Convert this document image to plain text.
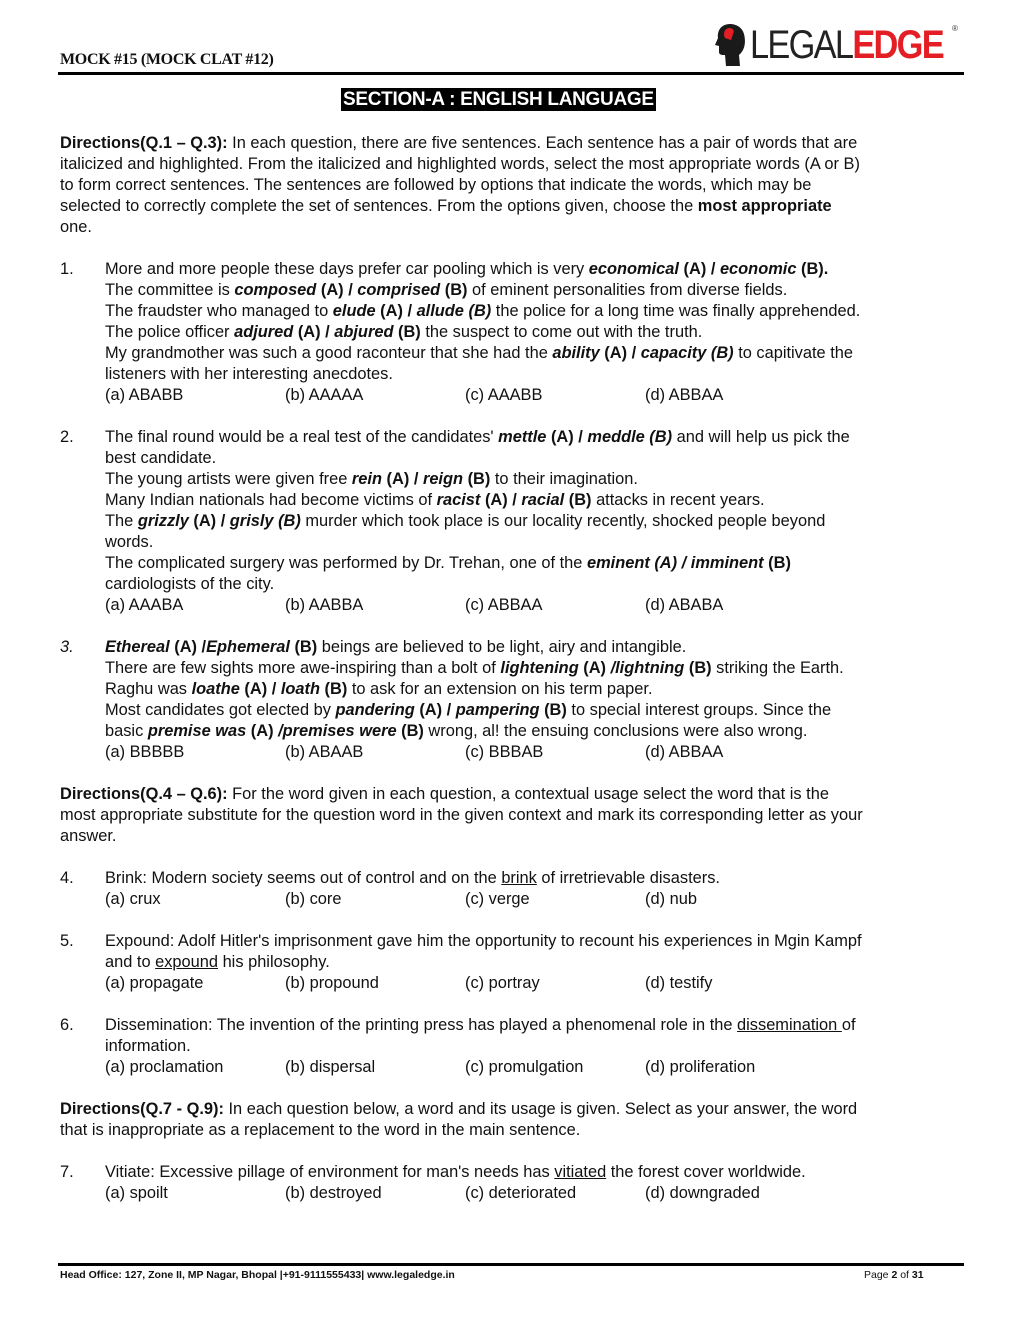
MOCK #15 (MOCK CLAT #12)	LEGALEDGE ®
SECTION-A : ENGLISH LANGUAGE
Directions(Q.1 – Q.3): In each question, there are five sentences. Each sentence has a pair of words that are
italicized and highlighted. From the italicized and highlighted words, select the most appropriate words (A or B)
to form correct sentences. The sentences are followed by options that indicate the words, which may be
selected to correctly complete the set of sentences. From the options given, choose the most appropriate
one.
1.	More and more people these days prefer car pooling which is very economical (A) / economic (B).
The committee is composed (A) / comprised (B) of eminent personalities from diverse fields.
The fraudster who managed to elude (A) / allude (B) the police for a long time was finally apprehended.
The police officer adjured (A) / abjured (B) the suspect to come out with the truth.
My grandmother was such a good raconteur that she had the ability (A) / capacity (B) to capitivate the
listeners with her interesting anecdotes.
(a) ABABB	(b) AAAAA	(c) AAABB	(d) ABBAA
2.	The final round would be a real test of the candidates' mettle (A) / meddle (B) and will help us pick the
best candidate.
The young artists were given free rein (A) / reign (B) to their imagination.
Many Indian nationals had become victims of racist (A) / racial (B) attacks in recent years.
The grizzly (A) / grisly (B) murder which took place is our locality recently, shocked people beyond
words.
The complicated surgery was performed by Dr. Trehan, one of the eminent (A) / imminent (B)
cardiologists of the city.
(a) AAABA	(b) AABBA	(c) ABBAA	(d) ABABA
3.	Ethereal (A) /Ephemeral (B) beings are believed to be light, airy and intangible.
There are few sights more awe-inspiring than a bolt of lightening (A) /lightning (B) striking the Earth.
Raghu was loathe (A) / loath (B) to ask for an extension on his term paper.
Most candidates got elected by pandering (A) / pampering (B) to special interest groups. Since the
basic premise was (A) /premises were (B) wrong, al! the ensuing conclusions were also wrong.
(a) BBBBB	(b) ABAAB	(c) BBBAB	(d) ABBAA
Directions(Q.4 – Q.6): For the word given in each question, a contextual usage select the word that is the
most appropriate substitute for the question word in the given context and mark its corresponding letter as your
answer.
4.	Brink: Modern society seems out of control and on the brink of irretrievable disasters.
(a) crux	(b) core	(c) verge	(d) nub
5.	Expound: Adolf Hitler's imprisonment gave him the opportunity to recount his experiences in Mgin Kampf
and to expound his philosophy.
(a) propagate	(b) propound	(c) portray	(d) testify
6.	Dissemination: The invention of the printing press has played a phenomenal role in the dissemination of
information.
(a) proclamation	(b) dispersal	(c) promulgation	(d) proliferation
Directions(Q.7 - Q.9): In each question below, a word and its usage is given. Select as your answer, the word
that is inappropriate as a replacement to the word in the main sentence.
7.	Vitiate: Excessive pillage of environment for man's needs has vitiated the forest cover worldwide.
(a) spoilt	(b) destroyed	(c) deteriorated	(d) downgraded
Head Office: 127, Zone II, MP Nagar, Bhopal |+91-9111555433| www.legaledge.in	Page 2 of 31
